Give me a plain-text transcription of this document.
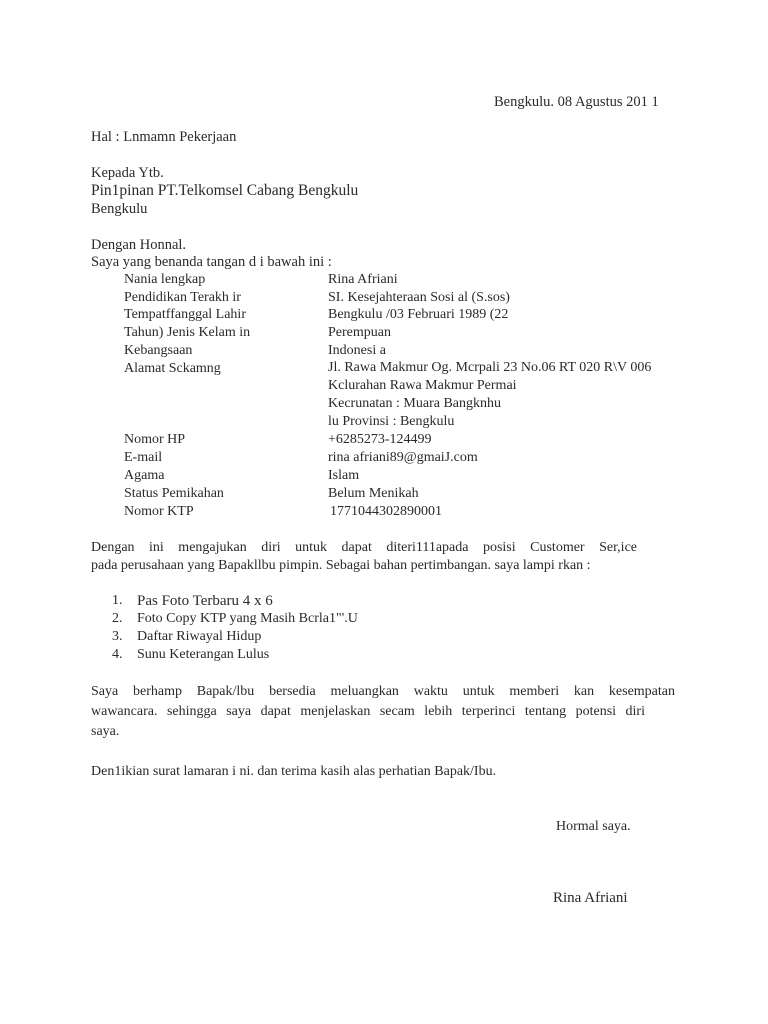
Bengkulu. 08 Agustus 201 1
Hal : Lnmamn Pekerjaan
Kepada Ytb.
Pin1pinan PT.Telkomsel Cabang Bengkulu
Bengkulu
Dengan Honnal.
Saya yang benanda tangan d i bawah ini :
Nania lengkap	Rina Afriani
Pendidikan Terakh ir	SI. Kesejahteraan Sosi al (S.sos)
Tempatffanggal Lahir	Bengkulu /03 Februari 1989 (22
Tahun) Jenis Kelam in	Perempuan
Kebangsaan	Indonesi a
Alamat Sckamng	Jl. Rawa Makmur Og. Mcrpali 23 No.06 RT 020 R\V 006
Kclurahan Rawa Makmur Permai
Kecrunatan : Muara Bangknhu
lu Provinsi : Bengkulu
Nomor HP	+6285273-124499
E-mail	rina afriani89@gmaiJ.com
Agama	Islam
Status Pemikahan	Belum Menikah
Nomor KTP	1771044302890001
Dengan ini mengajukan diri untuk dapat diteri111apada posisi Customer Ser,ice
pada perusahaan yang Bapakllbu pimpin. Sebagai bahan pertimbangan. saya lampi rkan :
1. Pas Foto Terbaru 4 x 6
2. Foto Copy KTP yang Masih Bcrla1"'.U
3. Daftar Riwayal Hidup
4. Sunu Keterangan Lulus
Saya berhamp Bapak/lbu bersedia meluangkan waktu untuk memberi kan kesempatan
wawancara. sehingga saya dapat menjelaskan secam lebih terperinci tentang potensi diri
saya.
Den1ikian surat lamaran i ni. dan terima kasih alas perhatian Bapak/Ibu.
Hormal saya.
Rina Afriani
